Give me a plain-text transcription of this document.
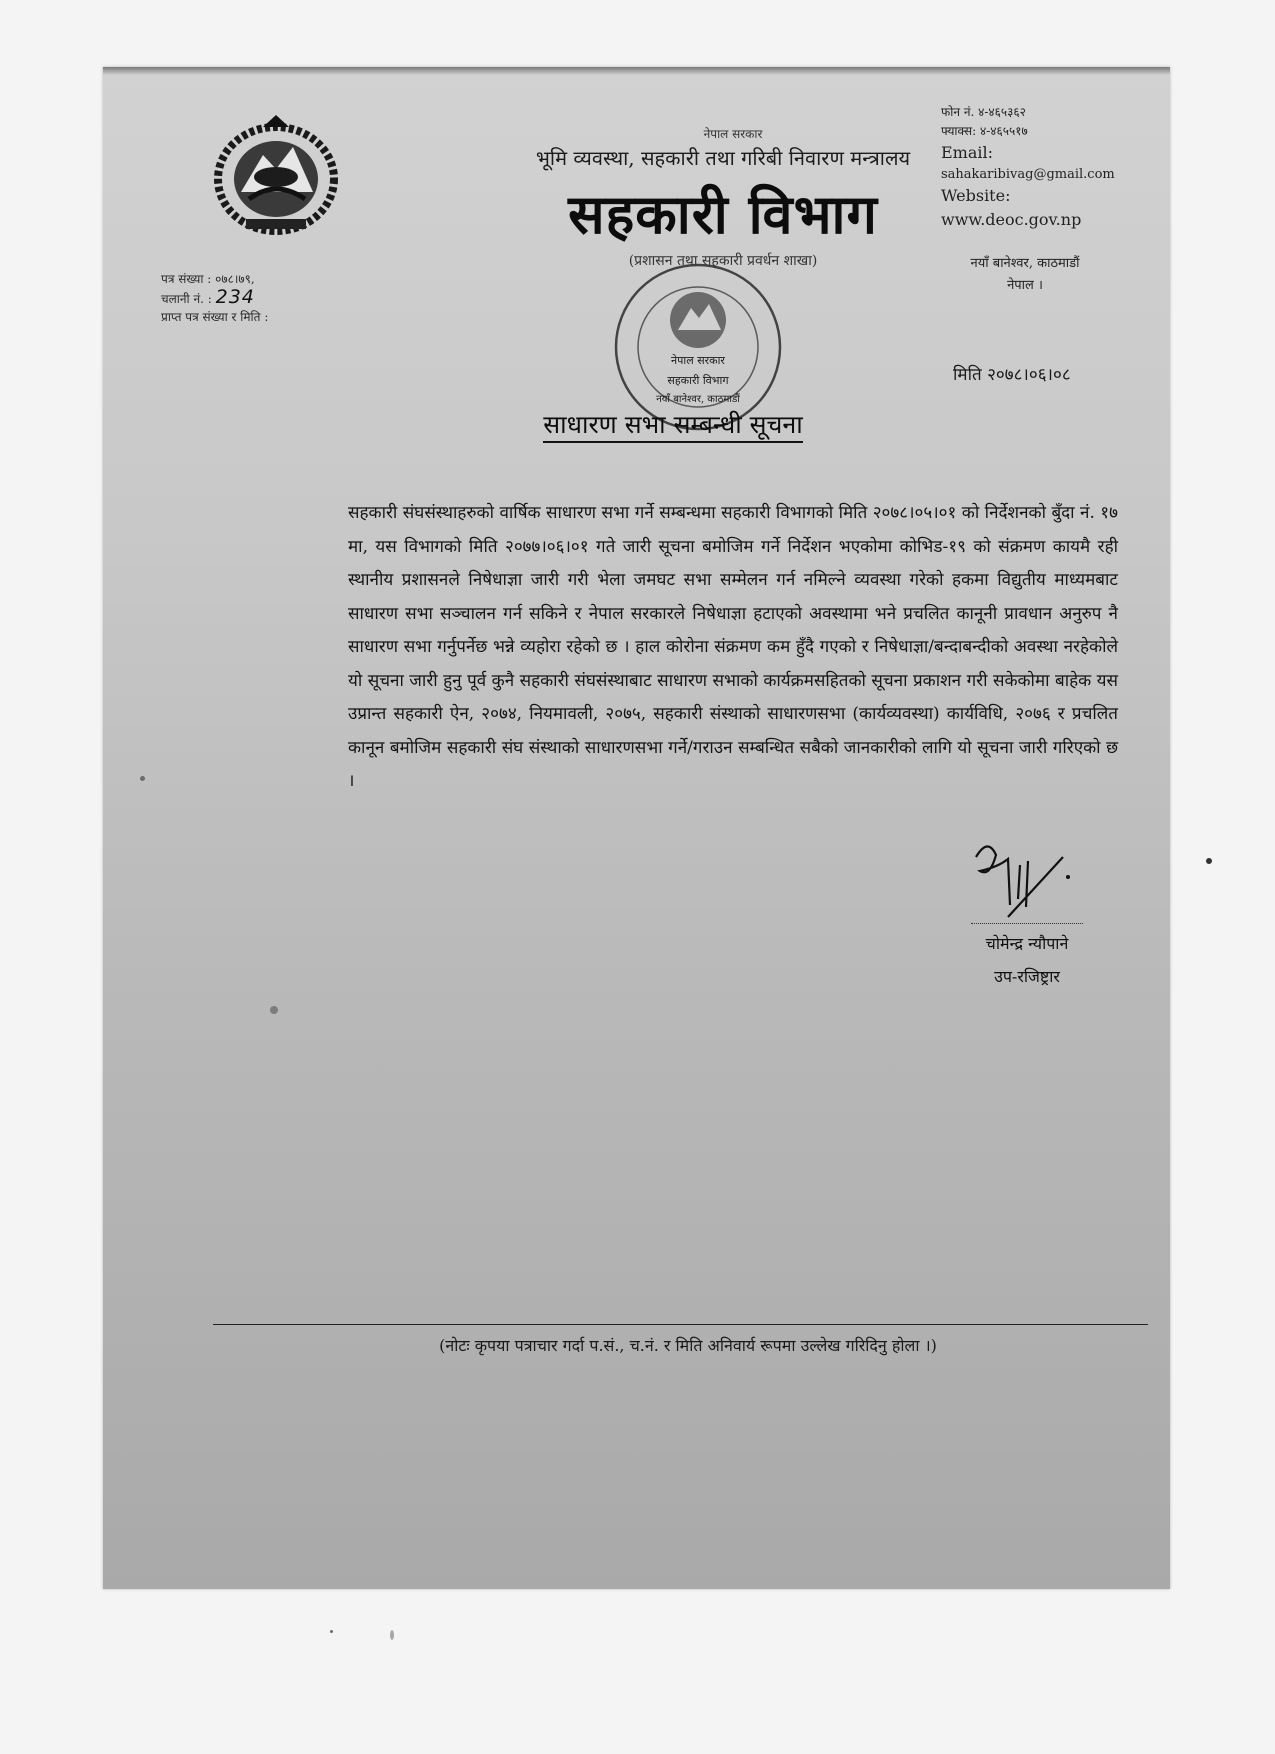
पत्र संख्या : ०७८।७९,
चलानी नं. : 234
प्राप्त पत्र संख्या र मिति :
नेपाल सरकार
भूमि व्यवस्था, सहकारी तथा गरिबी निवारण मन्त्रालय
सहकारी विभाग
(प्रशासन तथा सहकारी प्रवर्धन शाखा)
फोन नं. ४-४६५३६२
फ्याक्स: ४-४६५५१७
Email:
sahakaribivag@gmail.com
Website:
www.deoc.gov.np
नयाँ बानेश्वर, काठमाडौं
नेपाल ।
नेपाल सरकार
सहकारी विभाग
नयाँ बानेश्वर, काठमाडौं
मिति २०७८।०६।०८
साधारण सभा सम्बन्धी सूचना
सहकारी संघसंस्थाहरुको वार्षिक साधारण सभा गर्ने सम्बन्धमा सहकारी विभागको मिति २०७८।०५।०१ को निर्देशनको बुँदा नं. १७ मा, यस विभागको मिति २०७७।०६।०१ गते जारी सूचना बमोजिम गर्ने निर्देशन भएकोमा कोभिड-१९ को संक्रमण कायमै रही स्थानीय प्रशासनले निषेधाज्ञा जारी गरी भेला जमघट सभा सम्मेलन गर्न नमिल्ने व्यवस्था गरेको हकमा विद्युतीय माध्यमबाट साधारण सभा सञ्चालन गर्न सकिने र नेपाल सरकारले निषेधाज्ञा हटाएको अवस्थामा भने प्रचलित कानूनी प्रावधान अनुरुप नै साधारण सभा गर्नुपर्नेछ भन्ने व्यहोरा रहेको छ । हाल कोरोना संक्रमण कम हुँदै गएको र निषेधाज्ञा/बन्दाबन्दीको अवस्था नरहेकोले यो सूचना जारी हुनु पूर्व कुनै सहकारी संघसंस्थाबाट साधारण सभाको कार्यक्रमसहितको सूचना प्रकाशन गरी सकेकोमा बाहेक यस उप्रान्त सहकारी ऐन, २०७४, नियमावली, २०७५, सहकारी संस्थाको साधारणसभा (कार्यव्यवस्था) कार्यविधि, २०७६ र प्रचलित कानून बमोजिम सहकारी संघ संस्थाको साधारणसभा गर्ने/गराउन सम्बन्धित सबैको जानकारीको लागि यो सूचना जारी गरिएको छ ।
चोमेन्द्र न्यौपाने
उप-रजिष्ट्रार
(नोटः कृपया पत्राचार गर्दा प.सं., च.नं. र मिति अनिवार्य रूपमा उल्लेख गरिदिनु होला ।)
